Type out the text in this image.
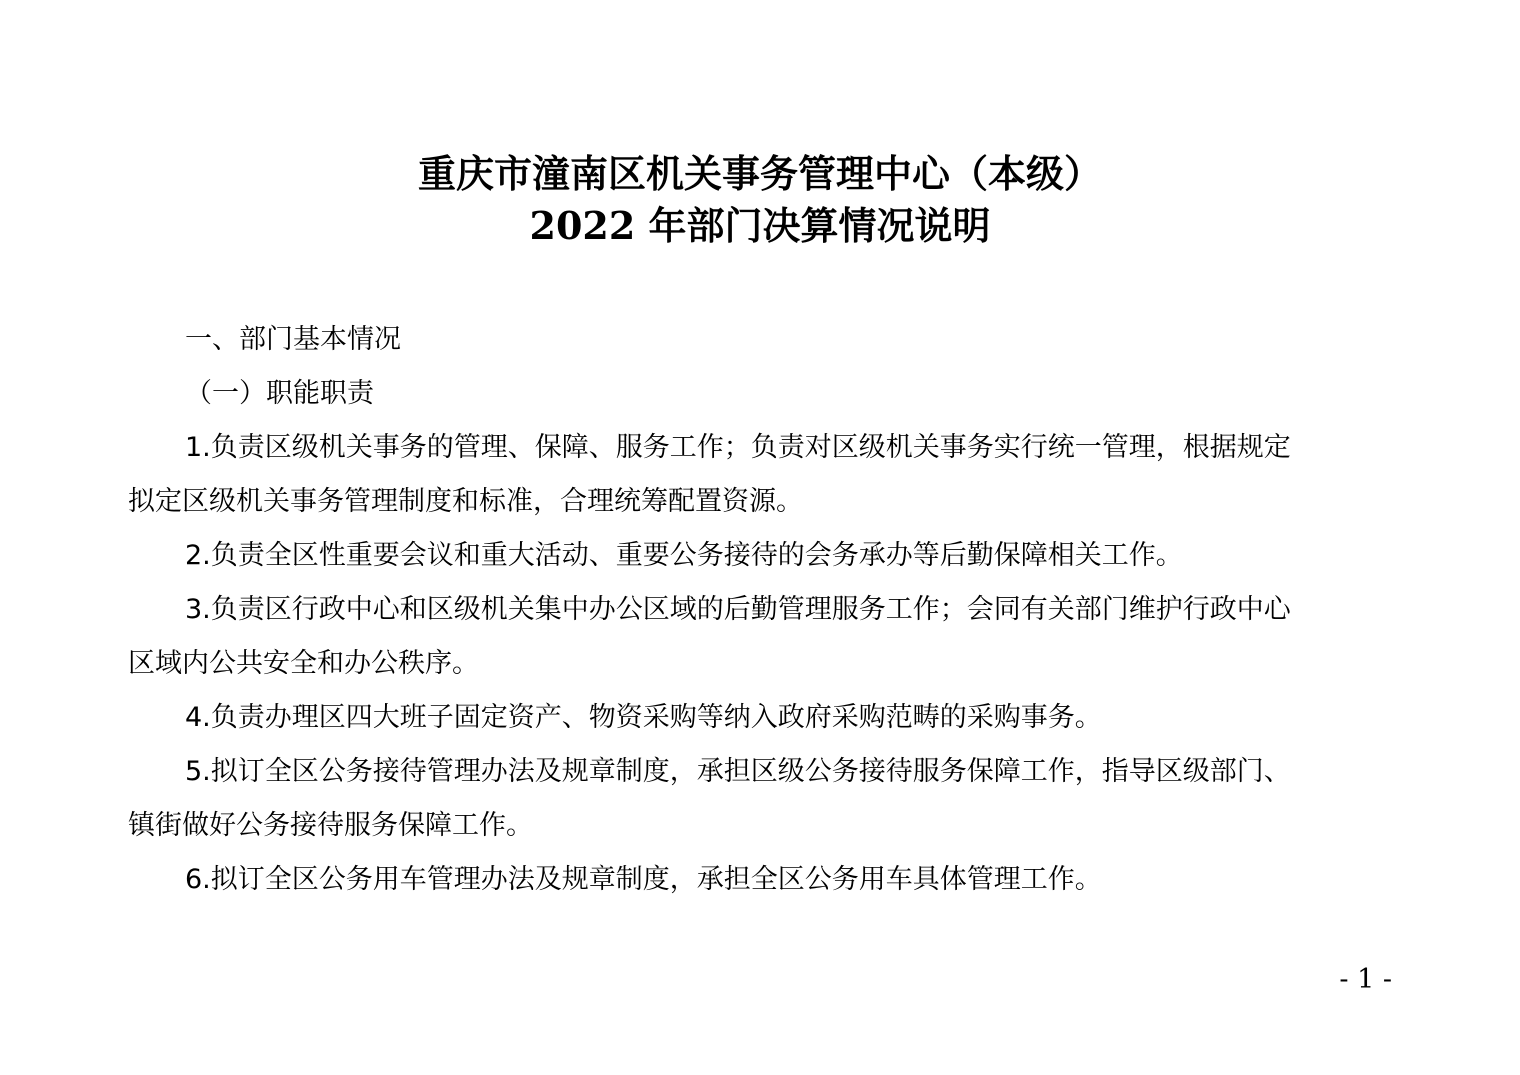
重庆市潼南区机关事务管理中心（本级）
2022 年部门决算情况说明

一、部门基本情况

（一）职能职责

1.负责区级机关事务的管理、保障、服务工作；负责对区级机关事务实行统一管理，根据规定

拟定区级机关事务管理制度和标准，合理统筹配置资源。

2.负责全区性重要会议和重大活动、重要公务接待的会务承办等后勤保障相关工作。

3.负责区行政中心和区级机关集中办公区域的后勤管理服务工作；会同有关部门维护行政中心

区域内公共安全和办公秩序。

4.负责办理区四大班子固定资产、物资采购等纳入政府采购范畴的采购事务。

5.拟订全区公务接待管理办法及规章制度，承担区级公务接待服务保障工作，指导区级部门、

镇街做好公务接待服务保障工作。

6.拟订全区公务用车管理办法及规章制度，承担全区公务用车具体管理工作。

- 1 -
